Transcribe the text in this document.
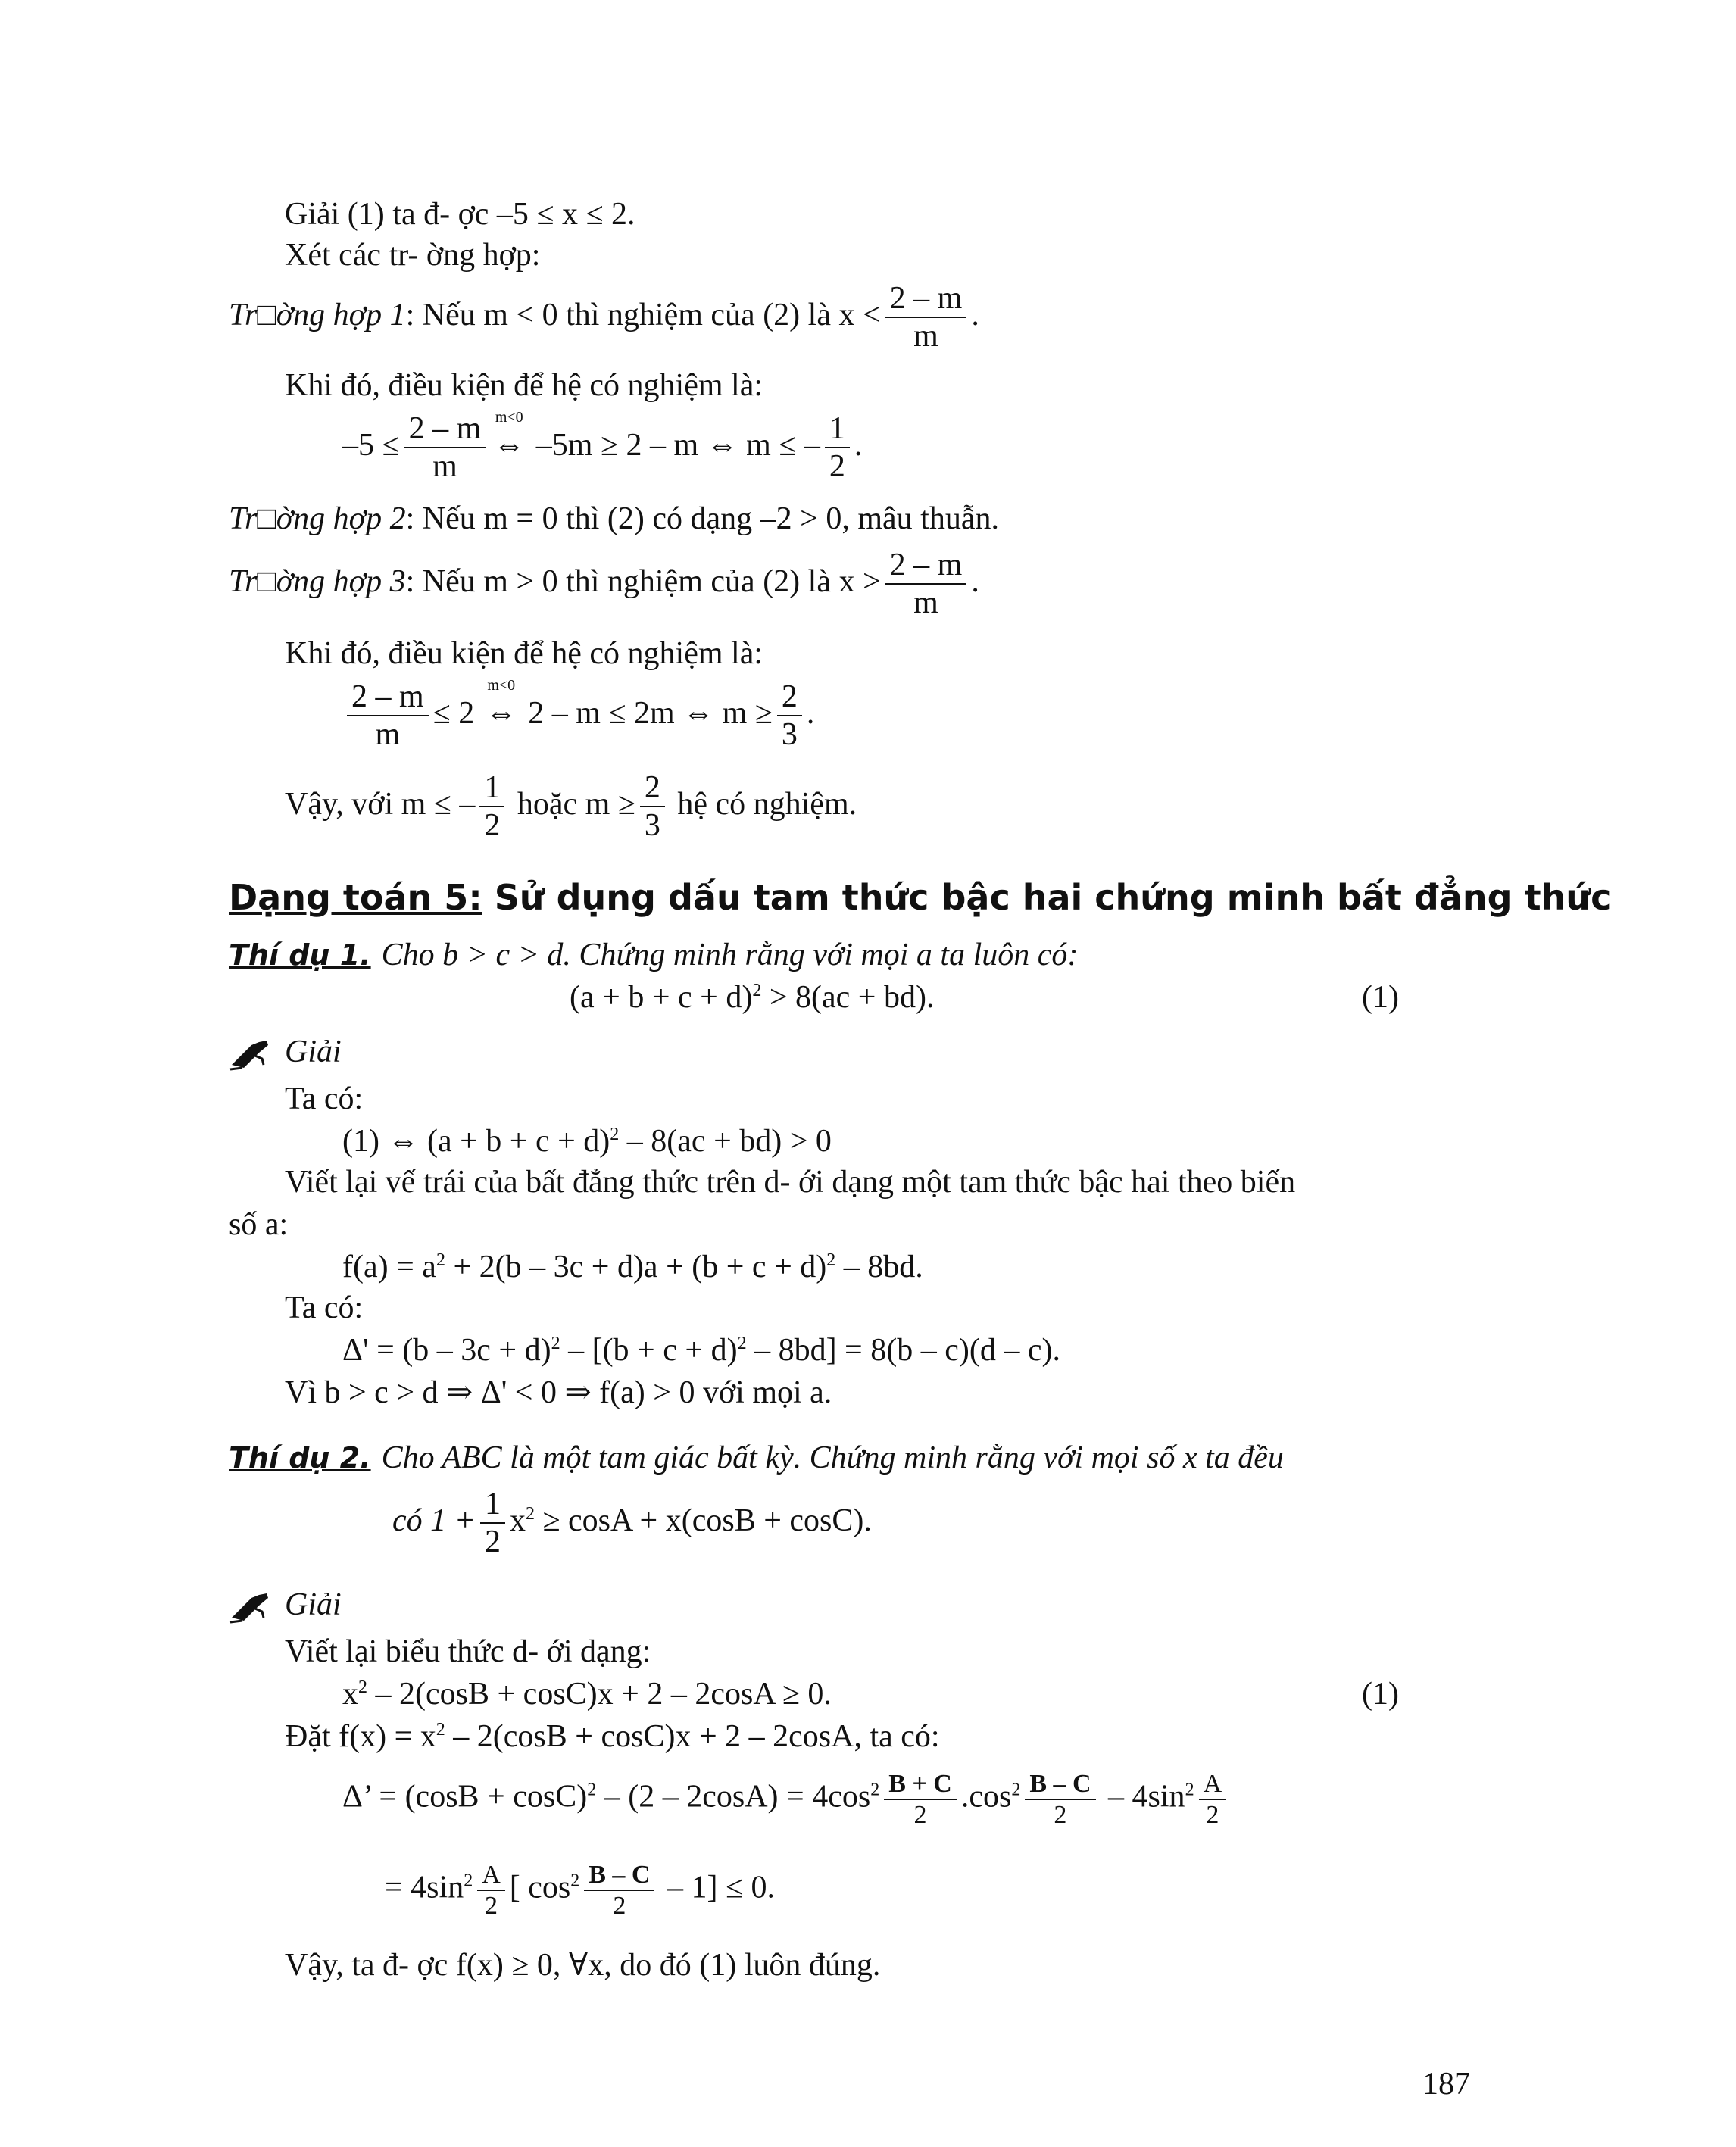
Giải (1) ta đ- ợc –5 ≤ x ≤ 2.
Xét các tr- ờng hợp:
Tr□ờng hợp 1: Nếu m < 0 thì nghiệm của (2) là $x < \frac{2 - m}{m}$ .
Khi đó, điều kiện để hệ có nghiệm là:
$-5 \le \frac{2 - m}{m} m<0$
⇔ –5m ≥ 2 – m ⇔ m ≤ – $\frac{1}{2}$ .
Tr□ờng hợp 2: Nếu m = 0 thì (2) có dạng –2 > 0, mâu thuẫn.
Tr□ờng hợp 3: Nếu m > 0 thì nghiệm của (2) là $x > \frac{2 - m}{m}$ .
Khi đó, điều kiện để hệ có nghiệm là:
$\frac{2 - m}{m} \le 2$
m<0
⇔ 2 – m ≤ 2m ⇔ $m \ge \frac{2}{3}$ .
Vậy, với m ≤ – $\frac{1}{2}$ hoặc $m \ge \frac{2}{3}$ hệ có nghiệm.
Dạng toán 5: Sử dụng dấu tam thức bậc hai chứng minh bất đẳng thức
Thí dụ 1. Cho b > c > d. Chứng minh rằng với mọi a ta luôn có:
$(a + b + c + d)^2 > 8(ac + bd)$.	(1)
Giải
Ta có:
(1) ⇔ $(a + b + c + d)^2 - 8(ac + bd) > 0$
Viết lại vế trái của bất đẳng thức trên d- ới dạng một tam thức bậc hai theo biến
số a:
$f(a) = a^2 + 2(b - 3c + d)a + (b + c + d)^2 - 8bd$.
Ta có:
$\Delta' = (b - 3c + d)^2 - [(b + c + d)^2 - 8bd] = 8(b - c)(d - c)$.
Vì b > c > d ⇒ Δ' < 0 ⇒ f(a) > 0 với mọi a.
Thí dụ 2. Cho ABC là một tam giác bất kỳ. Chứng minh rằng với mọi số x ta đều
có $1 + \frac{1}{2} x^2 \ge \cos A + x(\cos B + \cos C)$.
Giải
Viết lại biểu thức d- ới dạng:
$x^2 - 2(\cos B + \cos C)x + 2 - 2\cos A \ge 0$.	(1)
Đặt $f(x) = x^2 - 2(\cos B + \cos C)x + 2 - 2\cos A$, ta có:
Δ’ = $(\cos B + \cos C)^2 - (2 - 2\cos A) = 4\cos^2 \frac{B + C}{2} .\cos^2 \frac{B - C}{2} - 4\sin^2 \frac{A}{2}$
= $4\sin^2 \frac{A}{2}$ [ $\cos^2 \frac{B - C}{2} - 1] \le 0$.
Vậy, ta đ- ợc f(x) ≥ 0, ∀x, do đó (1) luôn đúng.
187
